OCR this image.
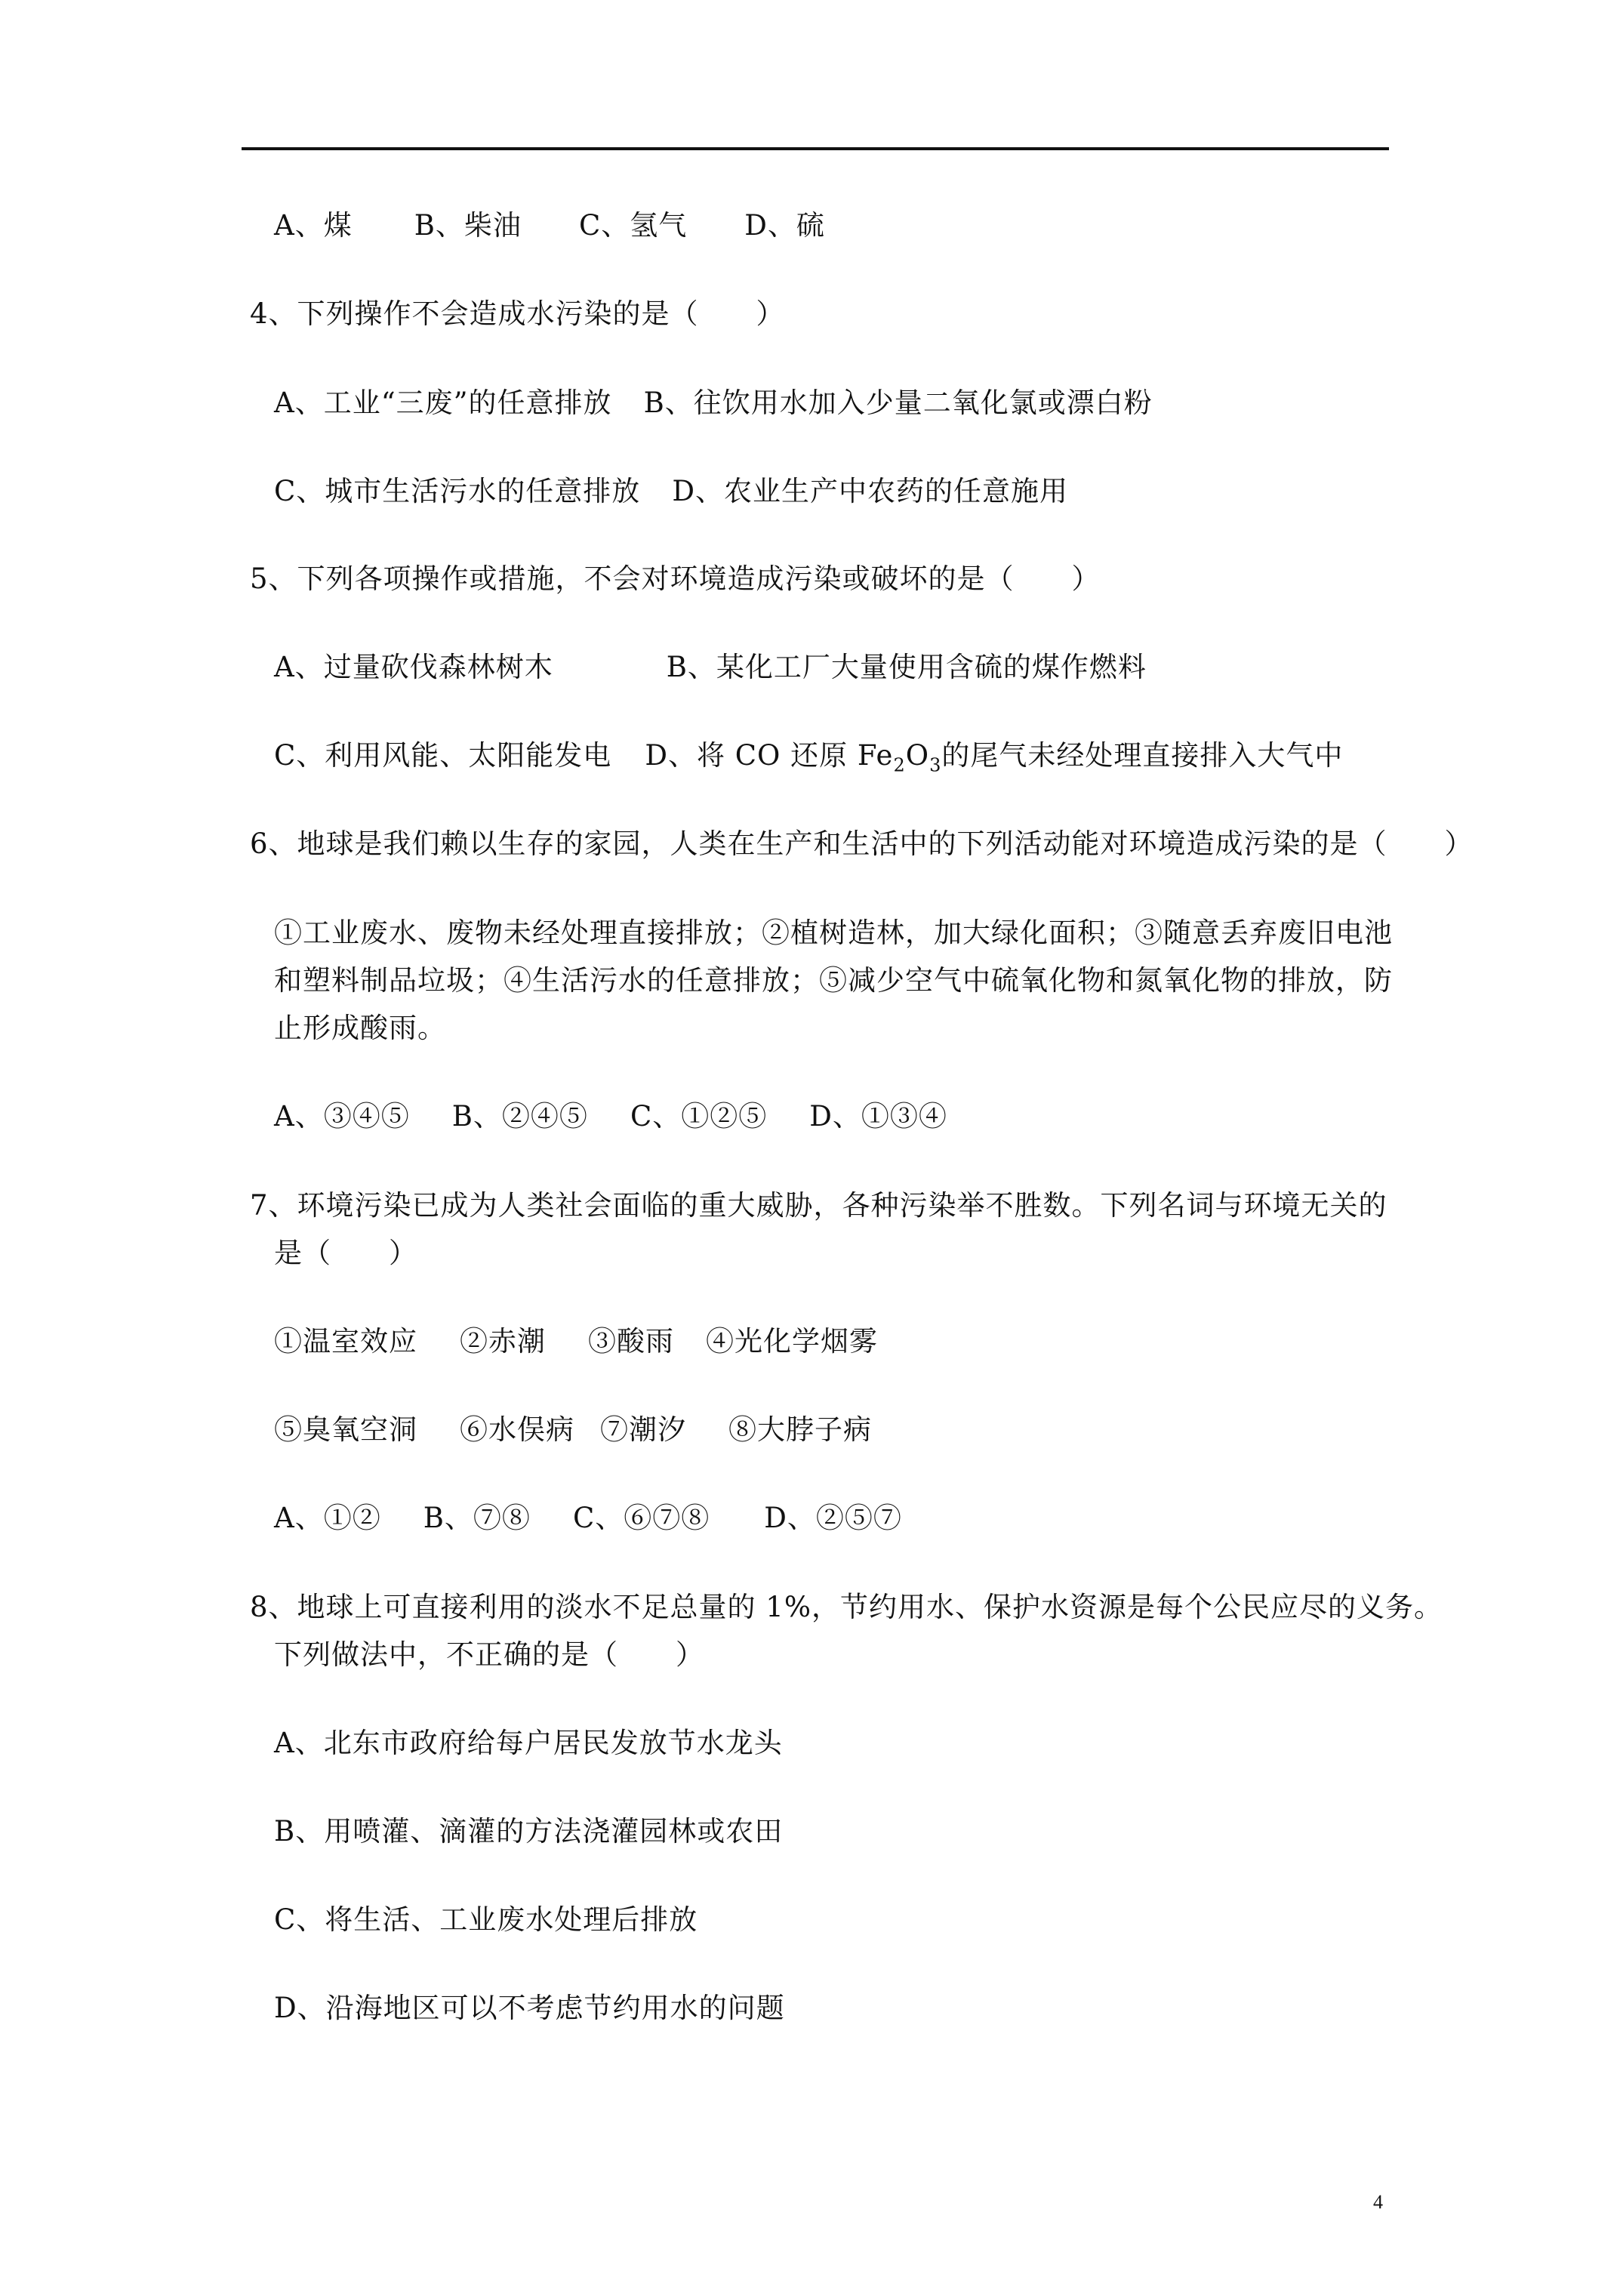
A、煤 B、柴油 C、氢气 D、硫
4、下列操作不会造成水污染的是（　　）
A、工业“三废”的任意排放 B、往饮用水加入少量二氧化氯或漂白粉
C、城市生活污水的任意排放 D、农业生产中农药的任意施用
5、下列各项操作或措施，不会对环境造成污染或破坏的是（　　）
A、过量砍伐森林树木	B、某化工厂大量使用含硫的煤作燃料
C、利用风能、太阳能发电 D、将 CO 还原 $Fe_2O_3$的尾气未经处理直接排入大气中
6、地球是我们赖以生存的家园，人类在生产和生活中的下列活动能对环境造成污染的是（　　）
①工业废水、废物未经处理直接排放；②植树造林，加大绿化面积；③随意丢弃废旧电池
和塑料制品垃圾；④生活污水的任意排放；⑤减少空气中硫氧化物和氮氧化物的排放，防
止形成酸雨。
A、③④⑤ B、②④⑤ C、①②⑤ D、①③④
7、环境污染已成为人类社会面临的重大威胁，各种污染举不胜数。下列名词与环境无关的
是（　　）
①温室效应 ②赤潮 ③酸雨 ④光化学烟雾
⑤臭氧空洞 ⑥水俣病 ⑦潮汐 ⑧大脖子病
A、①② B、⑦⑧ C、⑥⑦⑧ D、②⑤⑦
8、地球上可直接利用的淡水不足总量的 1%，节约用水、保护水资源是每个公民应尽的义务。
下列做法中，不正确的是（　　）
A、北东市政府给每户居民发放节水龙头
B、用喷灌、滴灌的方法浇灌园林或农田
C、将生活、工业废水处理后排放
D、沿海地区可以不考虑节约用水的问题
4
